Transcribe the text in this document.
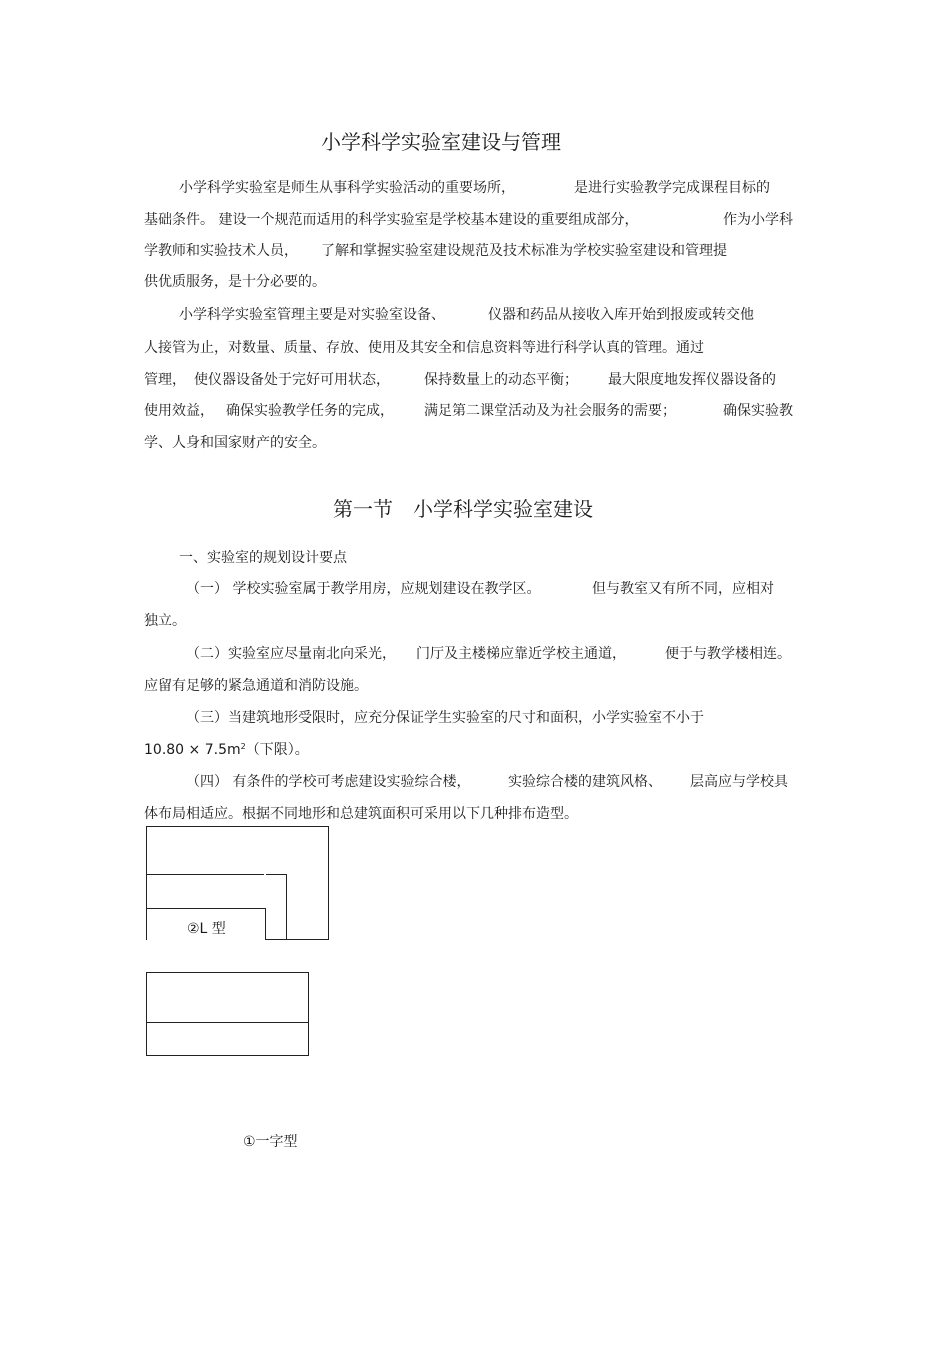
小学科学实验室建设与管理
小学科学实验室是师生从事科学实验活动的重要场所，	是进行实验教学完成课程目标的
基础条件。 建设一个规范而适用的科学实验室是学校基本建设的重要组成部分，	作为小学科
学教师和实验技术人员， 了解和掌握实验室建设规范及技术标准为学校实验室建设和管理提
供优质服务，是十分必要的。
小学科学实验室管理主要是对实验室设备、	仪器和药品从接收入库开始到报废或转交他
人接管为止，对数量、质量、存放、使用及其安全和信息资料等进行科学认真的管理。通过
管理， 使仪器设备处于完好可用状态， 保持数量上的动态平衡； 最大限度地发挥仪器设备的
使用效益， 确保实验教学任务的完成， 满足第二课堂活动及为社会服务的需要；	确保实验教
学、人身和国家财产的安全。
第一节　小学科学实验室建设
一、实验室的规划设计要点
（一） 学校实验室属于教学用房，应规划建设在教学区。	但与教室又有所不同，应相对
独立。
（二）实验室应尽量南北向采光， 门厅及主楼梯应靠近学校主通道，	便于与教学楼相连。
应留有足够的紧急通道和消防设施。
（三）当建筑地形受限时，应充分保证学生实验室的尺寸和面积，小学实验室不小于
$10.80 \times 7.5m^2$（下限）。
（四） 有条件的学校可考虑建设实验综合楼，	实验综合楼的建筑风格、 层高应与学校具
体布局相适应。根据不同地形和总建筑面积可采用以下几种排布造型。
②L 型
①一字型
